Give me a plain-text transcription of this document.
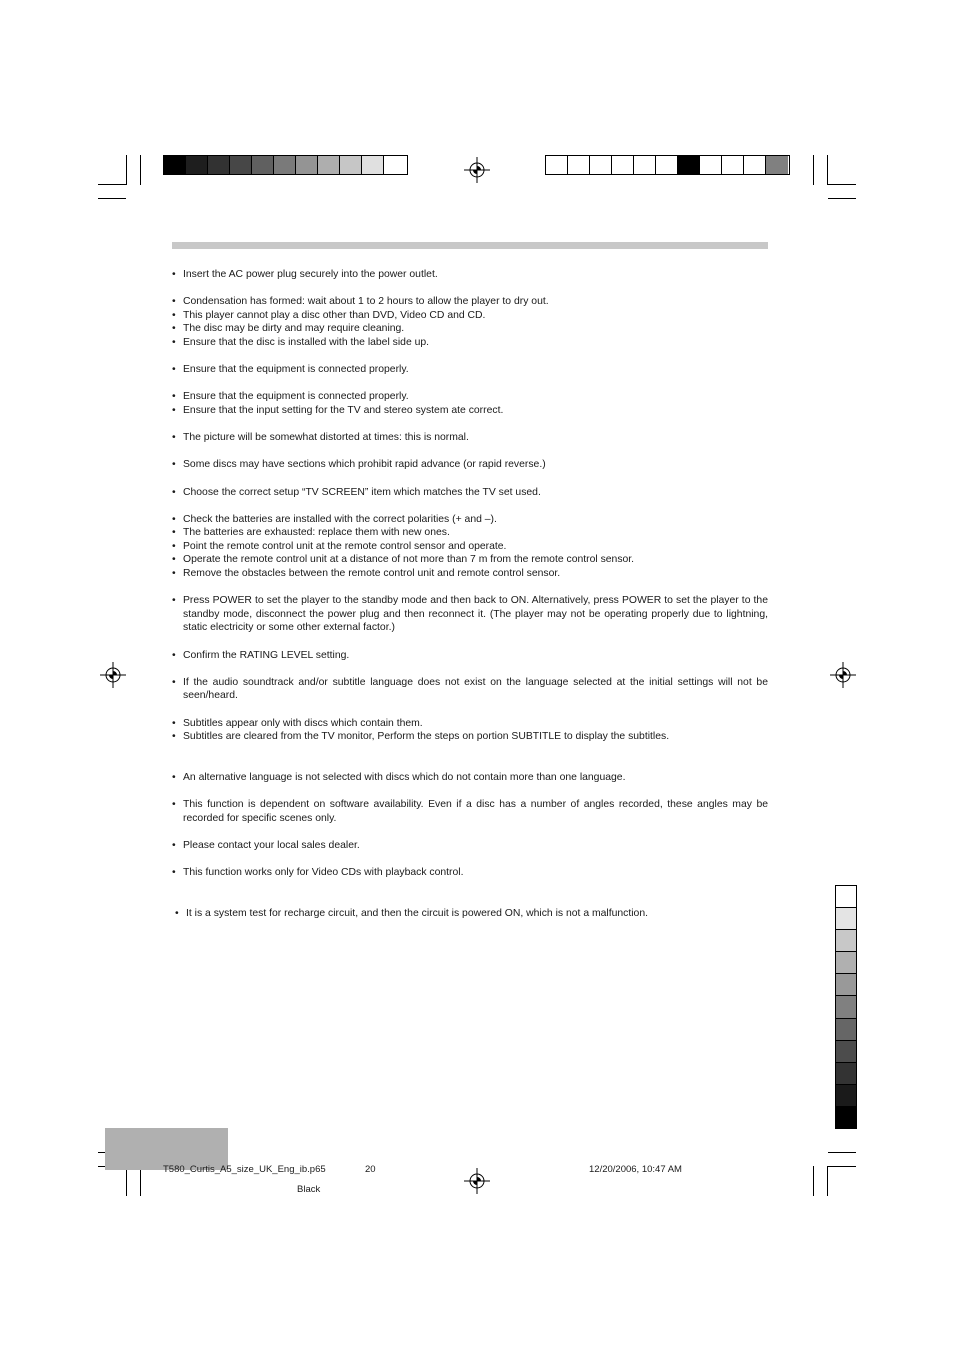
• Insert the AC power plug securely into the power outlet.
• Condensation has formed: wait about 1 to 2 hours to allow the player to dry out.
• This player cannot play a disc other than DVD, Video CD and CD.
• The disc may be dirty and may require cleaning.
• Ensure that the disc is installed with the label side up.
• Ensure that the equipment is connected properly.
• Ensure that the equipment is connected properly.
• Ensure that the input setting for the TV and stereo system ate correct.
• The picture will be somewhat distorted at times: this is normal.
• Some discs may have sections which prohibit rapid advance (or rapid reverse.)
• Choose the correct setup “TV SCREEN” item which matches the TV set used.
• Check the batteries are installed with the correct polarities (+ and –).
• The batteries are exhausted: replace them with new ones.
• Point the remote control unit at the remote control sensor and operate.
• Operate the remote control unit at a distance of not more than 7 m from the remote control sensor.
• Remove the obstacles between the remote control unit and remote control sensor.
• Press POWER to set the player to the standby mode and then back to ON. Alternatively, press POWER to set the player to the standby mode, disconnect the power plug and then reconnect it. (The player may not be operating properly due to lightning, static electricity or some other external factor.)
• Confirm the RATING LEVEL setting.
• If the audio soundtrack and/or subtitle language does not exist on the language selected at the initial settings will not be seen/heard.
• Subtitles appear only with discs which contain them.
• Subtitles are cleared from the TV monitor, Perform the steps on portion SUBTITLE to display the subtitles.
• An alternative language is not selected with discs which do not contain more than one language.
• This function is dependent on software availability. Even if a disc has a number of angles recorded, these angles may be recorded for specific scenes only.
• Please contact your local sales dealer.
• This function works only for Video CDs with playback control.
• It is a system test for recharge circuit, and then the circuit is powered ON, which is not a malfunction.
T580_Curtis_A5_size_UK_Eng_ib.p65	20	12/20/2006, 10:47 AM
Black
